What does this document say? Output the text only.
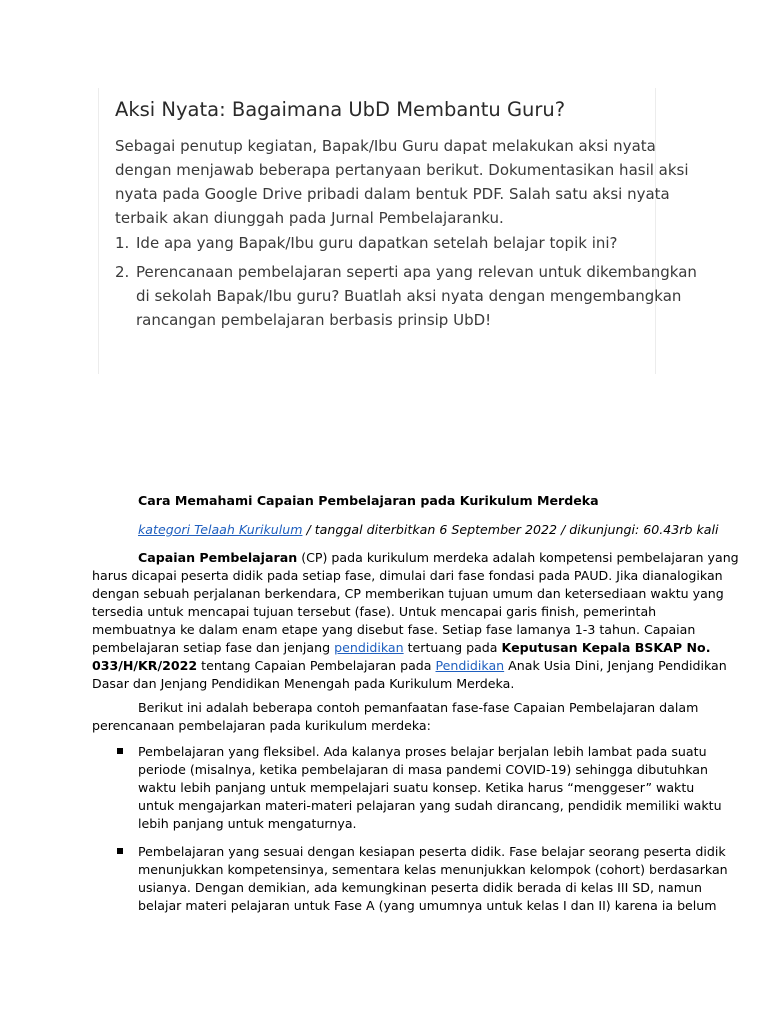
Aksi Nyata: Bagaimana UbD Membantu Guru?
Sebagai penutup kegiatan, Bapak/Ibu Guru dapat melakukan aksi nyata
dengan menjawab beberapa pertanyaan berikut. Dokumentasikan hasil aksi
nyata pada Google Drive pribadi dalam bentuk PDF. Salah satu aksi nyata
terbaik akan diunggah pada Jurnal Pembelajaranku.
1. Ide apa yang Bapak/Ibu guru dapatkan setelah belajar topik ini?
2. Perencanaan pembelajaran seperti apa yang relevan untuk dikembangkan
di sekolah Bapak/Ibu guru? Buatlah aksi nyata dengan mengembangkan
rancangan pembelajaran berbasis prinsip UbD!
Cara Memahami Capaian Pembelajaran pada Kurikulum Merdeka
kategori Telaah Kurikulum / tanggal diterbitkan 6 September 2022 / dikunjungi: 60.43rb kali
Capaian Pembelajaran (CP) pada kurikulum merdeka adalah kompetensi pembelajaran yang
harus dicapai peserta didik pada setiap fase, dimulai dari fase fondasi pada PAUD. Jika dianalogikan
dengan sebuah perjalanan berkendara, CP memberikan tujuan umum dan ketersediaan waktu yang
tersedia untuk mencapai tujuan tersebut (fase). Untuk mencapai garis finish, pemerintah
membuatnya ke dalam enam etape yang disebut fase. Setiap fase lamanya 1-3 tahun. Capaian
pembelajaran setiap fase dan jenjang pendidikan tertuang pada Keputusan Kepala BSKAP No.
033/H/KR/2022 tentang Capaian Pembelajaran pada Pendidikan Anak Usia Dini, Jenjang Pendidikan
Dasar dan Jenjang Pendidikan Menengah pada Kurikulum Merdeka.
Berikut ini adalah beberapa contoh pemanfaatan fase-fase Capaian Pembelajaran dalam
perencanaan pembelajaran pada kurikulum merdeka:
Pembelajaran yang fleksibel. Ada kalanya proses belajar berjalan lebih lambat pada suatu
periode (misalnya, ketika pembelajaran di masa pandemi COVID-19) sehingga dibutuhkan
waktu lebih panjang untuk mempelajari suatu konsep. Ketika harus “menggeser” waktu
untuk mengajarkan materi-materi pelajaran yang sudah dirancang, pendidik memiliki waktu
lebih panjang untuk mengaturnya.
Pembelajaran yang sesuai dengan kesiapan peserta didik. Fase belajar seorang peserta didik
menunjukkan kompetensinya, sementara kelas menunjukkan kelompok (cohort) berdasarkan
usianya. Dengan demikian, ada kemungkinan peserta didik berada di kelas III SD, namun
belajar materi pelajaran untuk Fase A (yang umumnya untuk kelas I dan II) karena ia belum
